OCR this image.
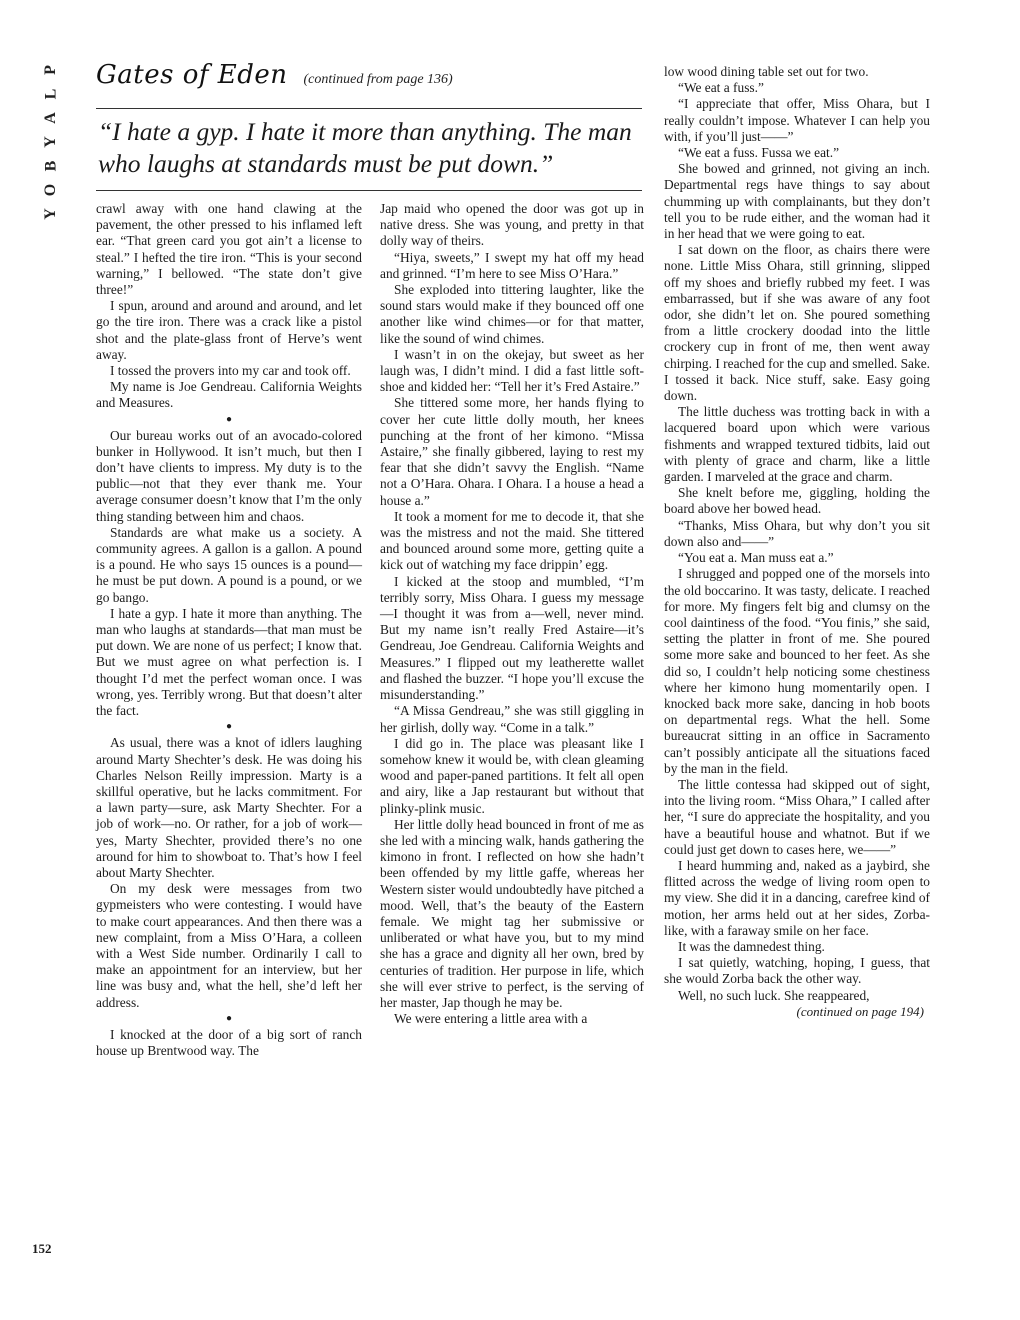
P
L
A
Y
B
O
Y
Gates of Eden (continued from page 136)
“I hate a gyp. I hate it more than anything. The man who laughs at standards must be put down.”

crawl away with one hand clawing at the pavement, the other pressed to his inflamed left ear. “That green card you got ain’t a license to steal.” I hefted the tire iron. “This is your second warning,” I bellowed. “The state don’t give three!”

I spun, around and around and around, and let go the tire iron. There was a crack like a pistol shot and the plate-glass front of Herve’s went away.

I tossed the provers into my car and took off.

My name is Joe Gendreau. California Weights and Measures.

●

Our bureau works out of an avocado-colored bunker in Hollywood. It isn’t much, but then I don’t have clients to impress. My duty is to the public—not that they ever thank me. Your average consumer doesn’t know that I’m the only thing standing between him and chaos.

Standards are what make us a society. A community agrees. A gallon is a gallon. A pound is a pound. He who says 15 ounces is a pound—he must be put down. A pound is a pound, or we go bango.

I hate a gyp. I hate it more than anything. The man who laughs at standards—that man must be put down. We are none of us perfect; I know that. But we must agree on what perfection is. I thought I’d met the perfect woman once. I was wrong, yes. Terribly wrong. But that doesn’t alter the fact.

●

As usual, there was a knot of idlers laughing around Marty Shechter’s desk. He was doing his Charles Nelson Reilly impression. Marty is a skillful operative, but he lacks commitment. For a lawn party—sure, ask Marty Shechter. For a job of work—no. Or rather, for a job of work—yes, Marty Shechter, provided there’s no one around for him to showboat to. That’s how I feel about Marty Shechter.

On my desk were messages from two gypmeisters who were contesting. I would have to make court appearances. And then there was a new complaint, from a Miss O’Hara, a colleen with a West Side number. Ordinarily I call to make an appointment for an interview, but her line was busy and, what the hell, she’d left her address.

●

I knocked at the door of a big sort of ranch house up Brentwood way. The

Jap maid who opened the door was got up in native dress. She was young, and pretty in that dolly way of theirs.

“Hiya, sweets,” I swept my hat off my head and grinned. “I’m here to see Miss O’Hara.”

She exploded into tittering laughter, like the sound stars would make if they bounced off one another like wind chimes—or for that matter, like the sound of wind chimes.

I wasn’t in on the okejay, but sweet as her laugh was, I didn’t mind. I did a fast little soft-shoe and kidded her: “Tell her it’s Fred Astaire.”

She tittered some more, her hands flying to cover her cute little dolly mouth, her knees punching at the front of her kimono. “Missa Astaire,” she finally gibbered, laying to rest my fear that she didn’t savvy the English. “Name not a O’Hara. Ohara. I Ohara. I a house a head a house a.”

It took a moment for me to decode it, that she was the mistress and not the maid. She tittered and bounced around some more, getting quite a kick out of watching my face drippin’ egg.

I kicked at the stoop and mumbled, “I’m terribly sorry, Miss Ohara. I guess my message—I thought it was from a—well, never mind. But my name isn’t really Fred Astaire—it’s Gendreau, Joe Gendreau. California Weights and Measures.” I flipped out my leatherette wallet and flashed the buzzer. “I hope you’ll excuse the misunderstanding.”

“A Missa Gendreau,” she was still giggling in her girlish, dolly way. “Come in a talk.”

I did go in. The place was pleasant like I somehow knew it would be, with clean gleaming wood and paper-paned partitions. It felt all open and airy, like a Jap restaurant but without that plinky-plink music.

Her little dolly head bounced in front of me as she led with a mincing walk, hands gathering the kimono in front. I reflected on how she hadn’t been offended by my little gaffe, whereas her Western sister would undoubtedly have pitched a mood. Well, that’s the beauty of the Eastern female. We might tag her submissive or unliberated or what have you, but to my mind she has a grace and dignity all her own, bred by centuries of tradition. Her purpose in life, which she will ever strive to perfect, is the serving of her master, Jap though he may be.

We were entering a little area with a

low wood dining table set out for two.

“We eat a fuss.”

“I appreciate that offer, Miss Ohara, but I really couldn’t impose. Whatever I can help you with, if you’ll just——”

“We eat a fuss. Fussa we eat.”

She bowed and grinned, not giving an inch. Departmental regs have things to say about chumming up with complainants, but they don’t tell you to be rude either, and the woman had it in her head that we were going to eat.

I sat down on the floor, as chairs there were none. Little Miss Ohara, still grinning, slipped off my shoes and briefly rubbed my feet. I was embarrassed, but if she was aware of any foot odor, she didn’t let on. She poured something from a little crockery doodad into the little crockery cup in front of me, then went away chirping. I reached for the cup and smelled. Sake. I tossed it back. Nice stuff, sake. Easy going down.

The little duchess was trotting back in with a lacquered board upon which were various fishments and wrapped textured tidbits, laid out with plenty of grace and charm, like a little garden. I marveled at the grace and charm.

She knelt before me, giggling, holding the board above her bowed head.

“Thanks, Miss Ohara, but why don’t you sit down also and——”

“You eat a. Man muss eat a.”

I shrugged and popped one of the morsels into the old boccarino. It was tasty, delicate. I reached for more. My fingers felt big and clumsy on the cool daintiness of the food. “You finis,” she said, setting the platter in front of me. She poured some more sake and bounced to her feet. As she did so, I couldn’t help noticing some chestiness where her kimono hung momentarily open. I knocked back more sake, dancing in hob boots on departmental regs. What the hell. Some bureaucrat sitting in an office in Sacramento can’t possibly anticipate all the situations faced by the man in the field.

The little contessa had skipped out of sight, into the living room. “Miss Ohara,” I called after her, “I sure do appreciate the hospitality, and you have a beautiful house and whatnot. But if we could just get down to cases here, we——”

I heard humming and, naked as a jaybird, she flitted across the wedge of living room open to my view. She did it in a dancing, carefree kind of motion, her arms held out at her sides, Zorba-like, with a faraway smile on her face.

It was the damnedest thing.

I sat quietly, watching, hoping, I guess, that she would Zorba back the other way.

Well, no such luck. She reappeared,

(continued on page 194)
152
